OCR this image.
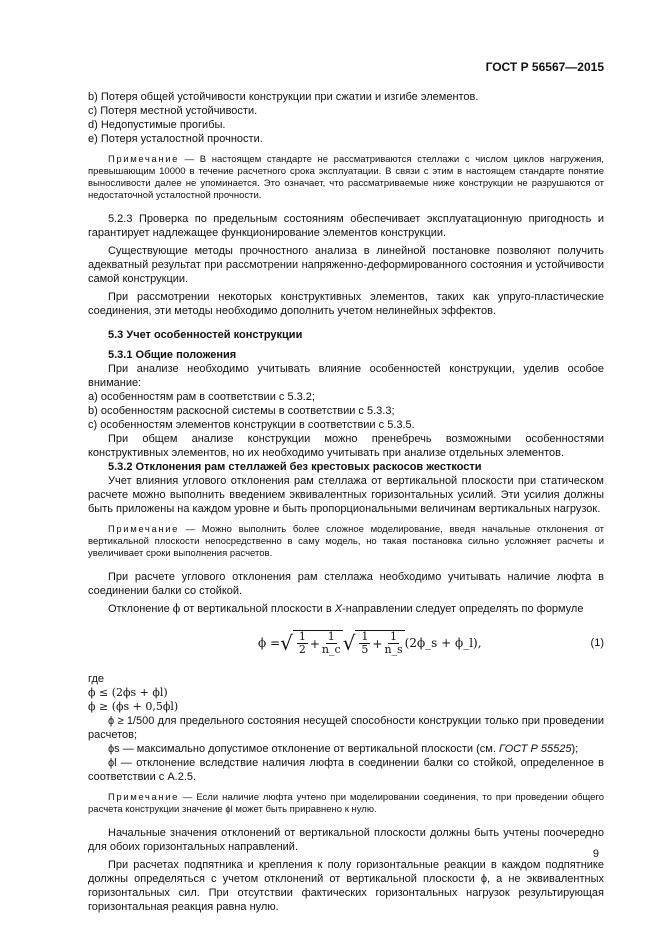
ГОСТ Р 56567—2015

b) Потеря общей устойчивости конструкции при сжатии и изгибе элементов.

c) Потеря местной устойчивости.

d) Недопустимые прогибы.

e) Потеря усталостной прочности.

Примечание — В настоящем стандарте не рассматриваются стеллажи с числом циклов нагружения, превышающим 10000 в течение расчетного срока эксплуатации. В связи с этим в настоящем стандарте понятие выносливости далее не упоминается. Это означает, что рассматриваемые ниже конструкции не разрушаются от недостаточной усталостной прочности.

5.2.3 Проверка по предельным состояниям обеспечивает эксплуатационную пригодность и гарантирует надлежащее функционирование элементов конструкции.

Существующие методы прочностного анализа в линейной постановке позволяют получить адекватный результат при рассмотрении напряженно-деформированного состояния и устойчивости самой конструкции.

При рассмотрении некоторых конструктивных элементов, таких как упруго-пластические соединения, эти методы необходимо дополнить учетом нелинейных эффектов.

5.3 Учет особенностей конструкции

5.3.1 Общие положения

При анализе необходимо учитывать влияние особенностей конструкции, уделив особое внимание:

a) особенностям рам в соответствии с 5.3.2;

b) особенностям раскосной системы в соответствии с 5.3.3;

c) особенностям элементов конструкции в соответствии с 5.3.5.

При общем анализе конструкции можно пренебречь возможными особенностями конструктивных элементов, но их необходимо учитывать при анализе отдельных элементов.

5.3.2 Отклонения рам стеллажей без крестовых раскосов жесткости

Учет влияния углового отклонения рам стеллажа от вертикальной плоскости при статическом расчете можно выполнить введением эквивалентных горизонтальных усилий. Эти усилия должны быть приложены на каждом уровне и быть пропорциональными величинам вертикальных нагрузок.

Примечание — Можно выполнить более сложное моделирование, введя начальные отклонения от вертикальной плоскости непосредственно в саму модель, но такая постановка сильно усложняет расчеты и увеличивает сроки выполнения расчетов.

При расчете углового отклонения рам стеллажа необходимо учитывать наличие люфта в соединении балки со стойкой.

Отклонение ϕ от вертикальной плоскости в X-направлении следует определять по формуле

ϕ = √ $\frac{1}{2} + \frac{1}{n\_c}$ √ $\frac{1}{5} + \frac{1}{n\_s}$ (2ϕ_s + ϕ_l),	(1)

где

ϕ ≤ (2ϕs + ϕl)

ϕ ≥ (ϕs + 0,5ϕl)

ϕ ≥ 1/500 для предельного состояния несущей способности конструкции только при проведении расчетов;

ϕs — максимально допустимое отклонение от вертикальной плоскости (см. ГОСТ Р 55525);

ϕl — отклонение вследствие наличия люфта в соединении балки со стойкой, определенное в соответствии с А.2.5.

Примечание — Если наличие люфта учтено при моделировании соединения, то при проведении общего расчета конструкции значение ϕl может быть приравнено к нулю.

Начальные значения отклонений от вертикальной плоскости должны быть учтены поочередно для обоих горизонтальных направлений.

При расчетах подпятника и крепления к полу горизонтальные реакции в каждом подпятнике должны определяться с учетом отклонений от вертикальной плоскости ϕ, а не эквивалентных горизонтальных сил. При отсутствии фактических горизонтальных нагрузок результирующая горизонтальная реакция равна нулю.

9
